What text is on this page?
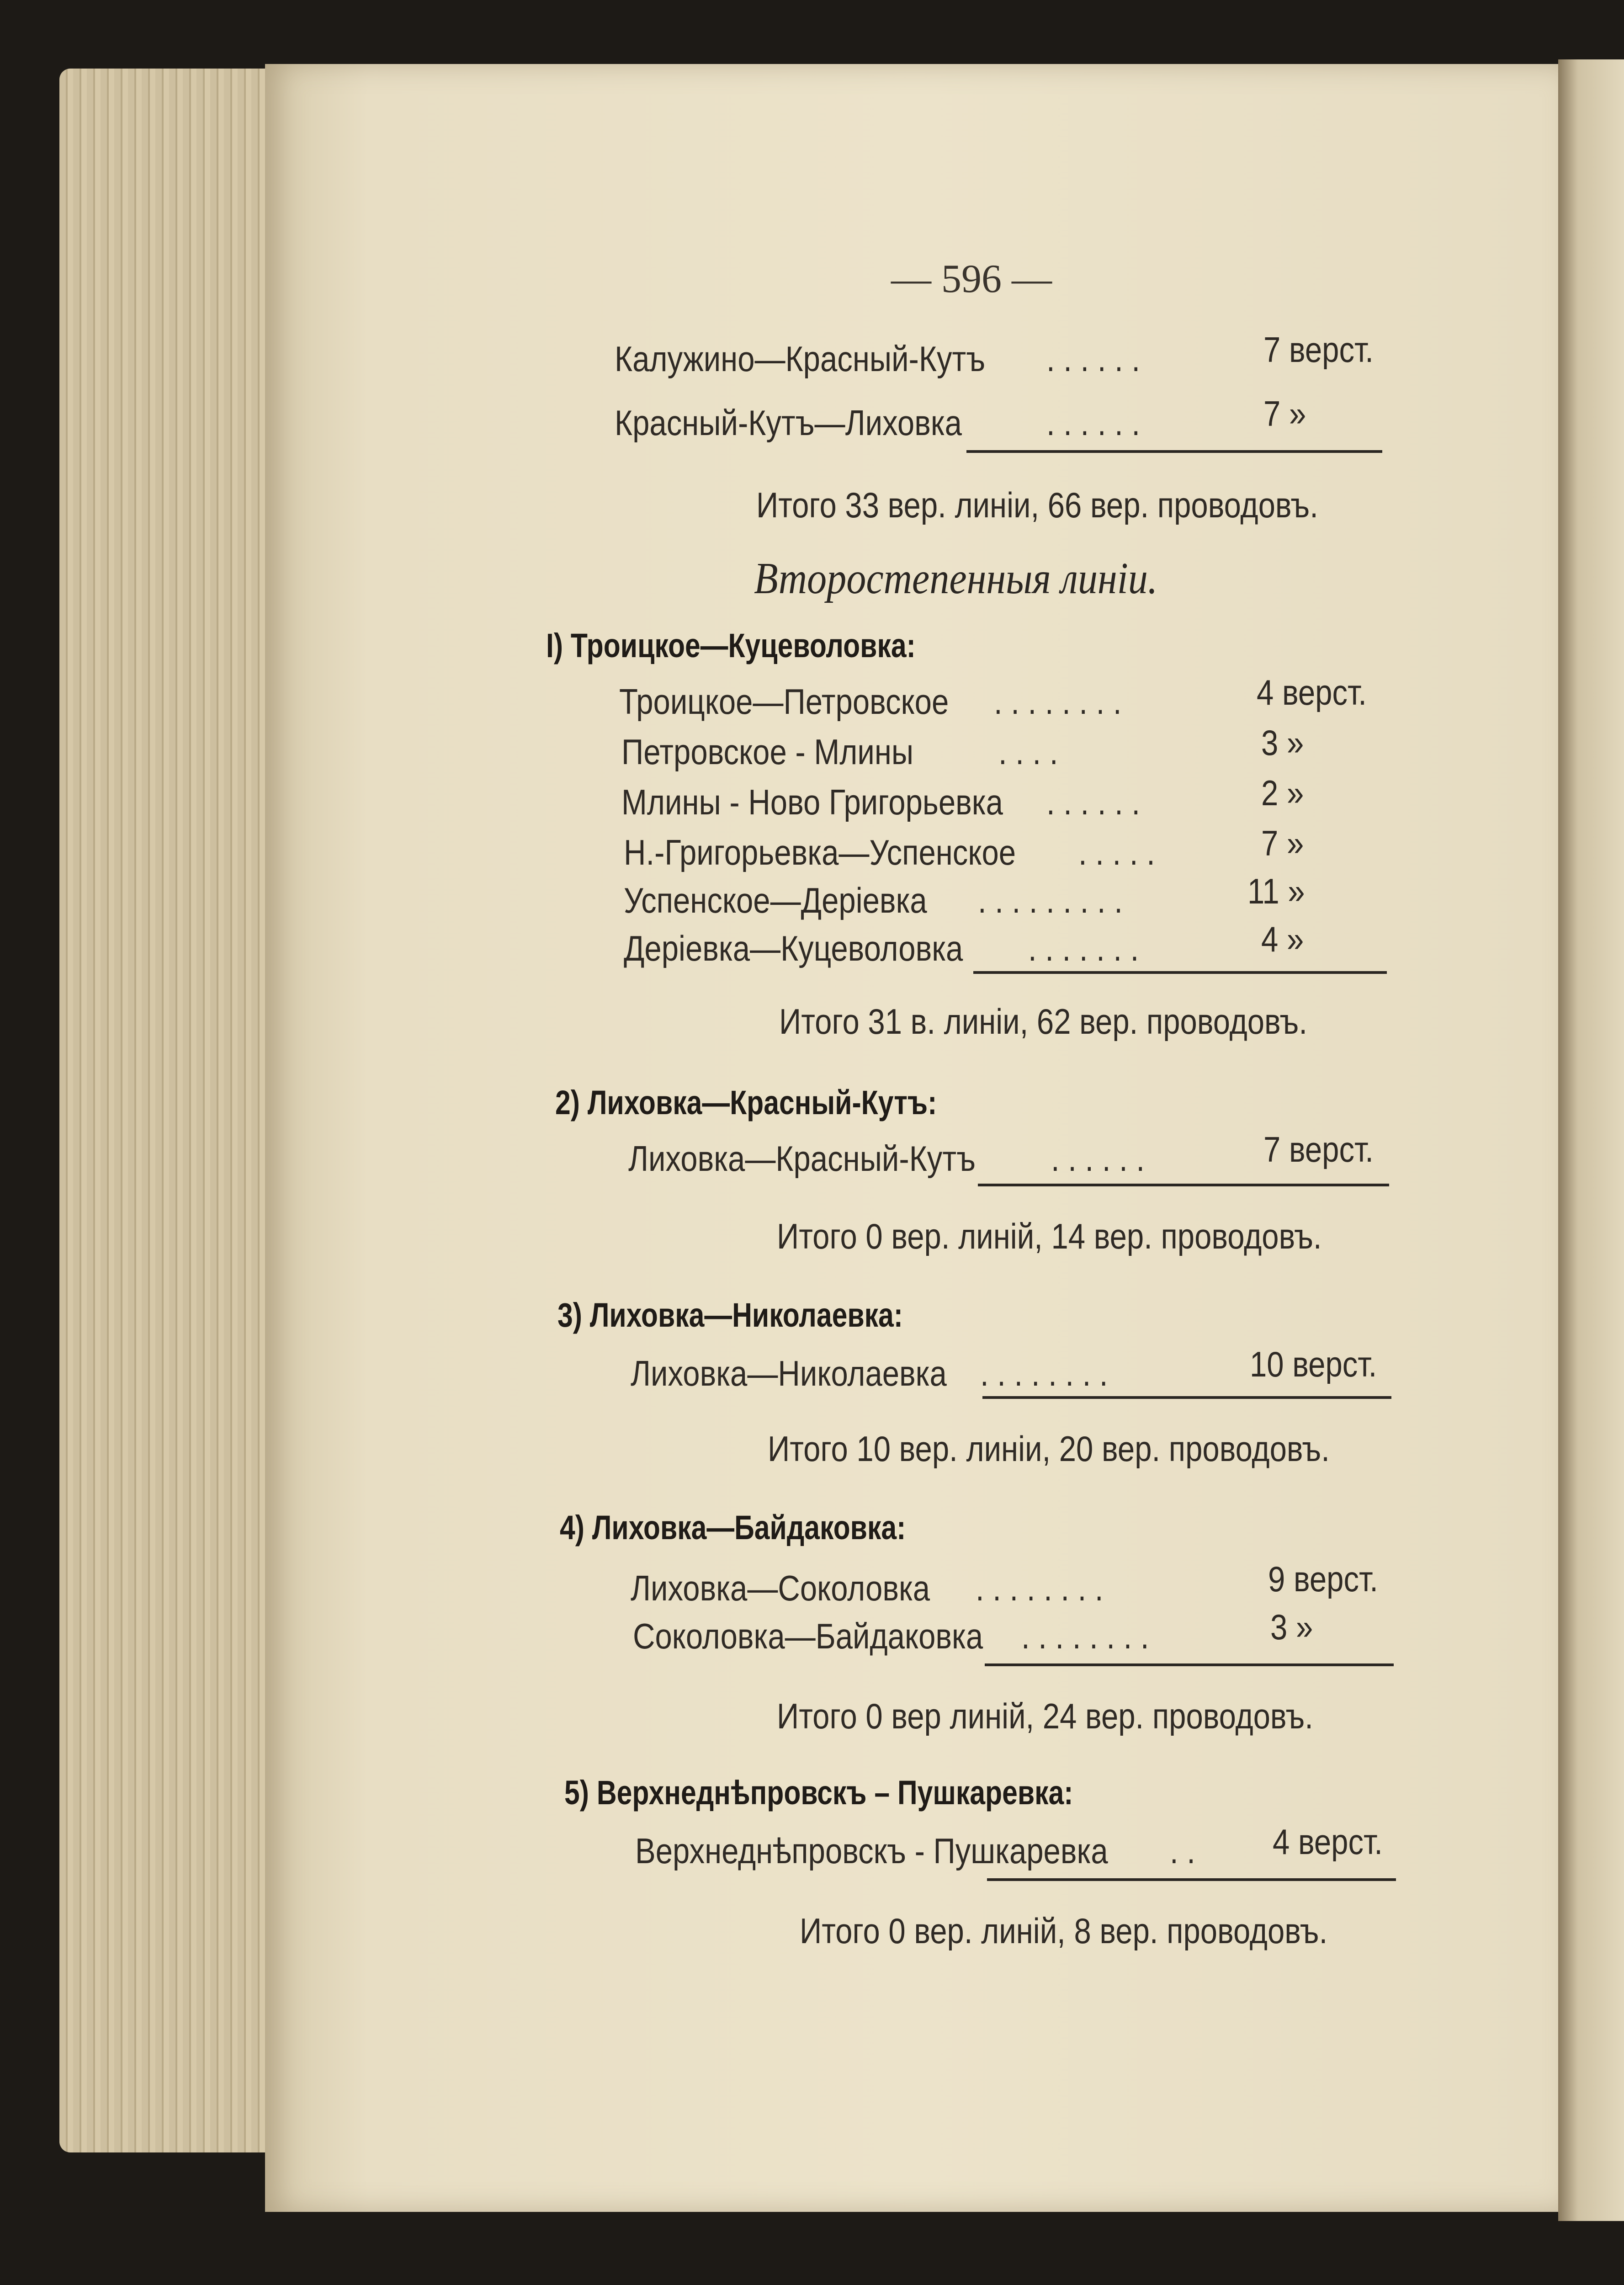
— 596 —
Калужино—Красный-Кутъ . . . . . .	7 верст.
Красный-Кутъ—Лиховка . . . . . .	7 »
Итого 33 вер. линіи, 66 вер. проводовъ.
Второстепенныя линіи.
I) Троицкое—Куцеволовка:
Троицкое—Петровское . . . . . . . .	4 верст.
Петровское - Млины . . . .	3 »
Млины - Ново Григорьевка . . . . . .	2 »
Н.-Григорьевка—Успенское . . . . .	7 »
Успенское—Деріевка . . . . . . . . .	11 »
Деріевка—Куцеволовка . . . . . . .	4 »
Итого 31 в. линіи, 62 вер. проводовъ.
2) Лиховка—Красный-Кутъ:
Лиховка—Красный-Кутъ . . . . . .	7 верст.
Итого 0 вер. линій, 14 вер. проводовъ.
3) Лиховка—Николаевка:
Лиховка—Николаевка . . . . . . . .	10 верст.
Итого 10 вер. линіи, 20 вер. проводовъ.
4) Лиховка—Байдаковка:
Лиховка—Соколовка . . . . . . . .	9 верст.
Соколовка—Байдаковка . . . . . . . .	3 »
Итого 0 вер линій, 24 вер. проводовъ.
5) Верхнеднѣпровскъ – Пушкаревка:
Верхнеднѣпровскъ - Пушкаревка . . 4 верст.
Итого 0 вер. линій, 8 вер. проводовъ.
